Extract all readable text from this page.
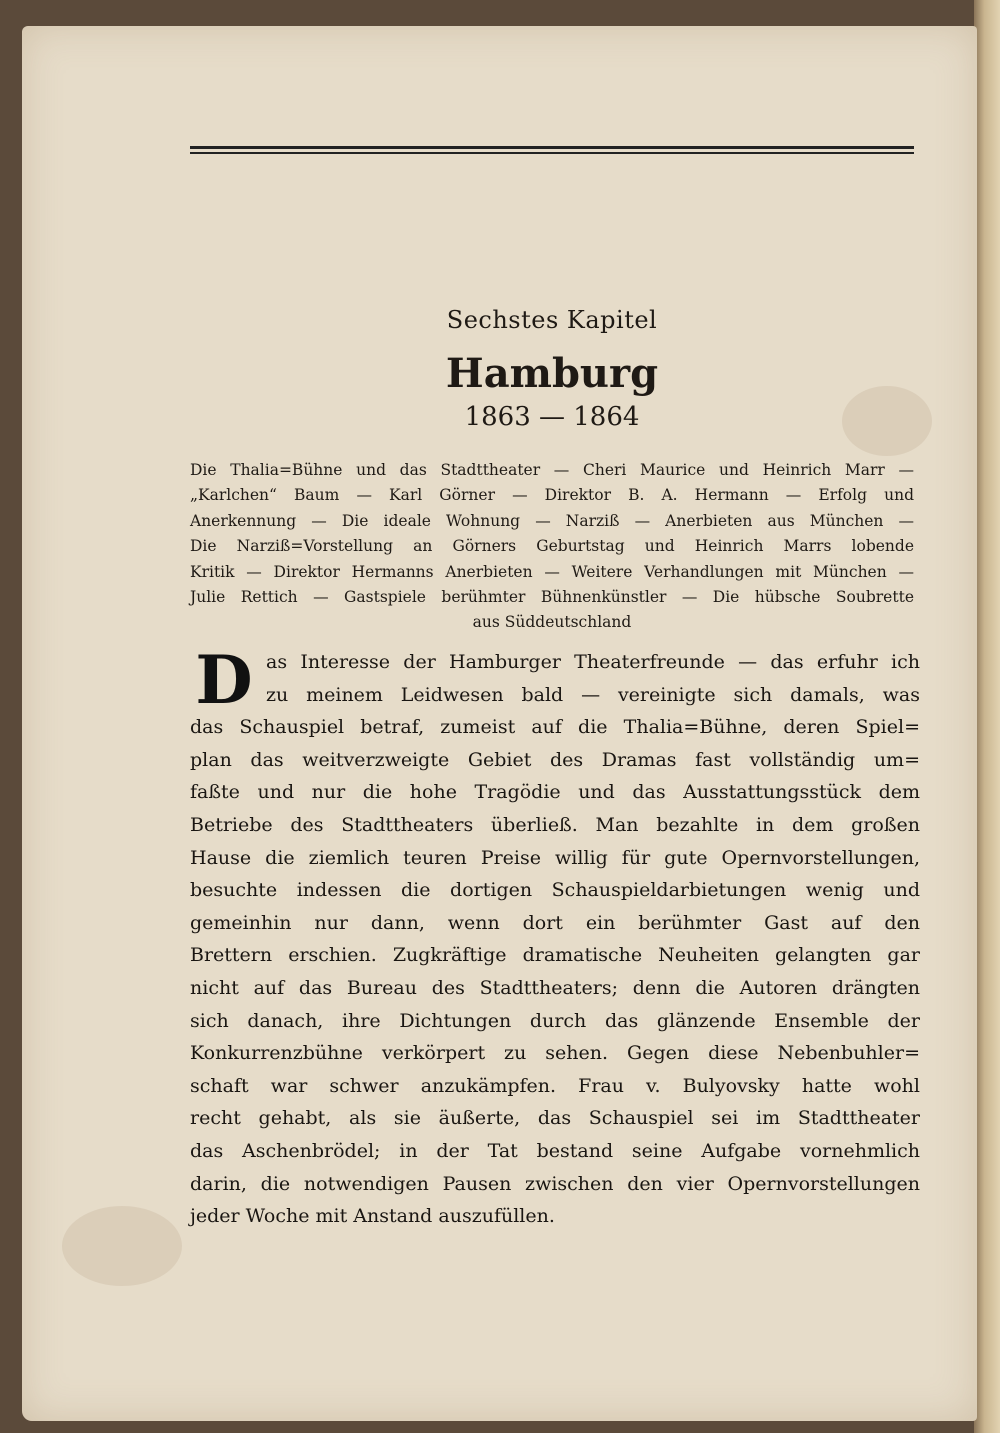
Sechstes Kapitel
Hamburg
1863 — 1864
Die Thalia=Bühne und das Stadttheater — Cheri Maurice und Heinrich Marr —
„Karlchen“ Baum — Karl Görner — Direktor B. A. Hermann — Erfolg und
Anerkennung — Die ideale Wohnung — Narziß — Anerbieten aus München —
Die Narziß=Vorstellung an Görners Geburtstag und Heinrich Marrs lobende
Kritik — Direktor Hermanns Anerbieten — Weitere Verhandlungen mit München —
Julie Rettich — Gastspiele berühmter Bühnenkünstler — Die hübsche Soubrette
aus Süddeutschland
D as Interesse der Hamburger Theaterfreunde — das erfuhr ich
zu meinem Leidwesen bald — vereinigte sich damals, was
das Schauspiel betraf, zumeist auf die Thalia=Bühne, deren Spiel=
plan das weitverzweigte Gebiet des Dramas fast vollständig um=
faßte und nur die hohe Tragödie und das Ausstattungsstück dem
Betriebe des Stadttheaters überließ. Man bezahlte in dem großen
Hause die ziemlich teuren Preise willig für gute Opernvorstellungen,
besuchte indessen die dortigen Schauspieldarbietungen wenig und
gemeinhin nur dann, wenn dort ein berühmter Gast auf den
Brettern erschien. Zugkräftige dramatische Neuheiten gelangten gar
nicht auf das Bureau des Stadttheaters; denn die Autoren drängten
sich danach, ihre Dichtungen durch das glänzende Ensemble der
Konkurrenzbühne verkörpert zu sehen. Gegen diese Nebenbuhler=
schaft war schwer anzukämpfen. Frau v. Bulyovsky hatte wohl
recht gehabt, als sie äußerte, das Schauspiel sei im Stadttheater
das Aschenbrödel; in der Tat bestand seine Aufgabe vornehmlich
darin, die notwendigen Pausen zwischen den vier Opernvorstellungen
jeder Woche mit Anstand auszufüllen.
